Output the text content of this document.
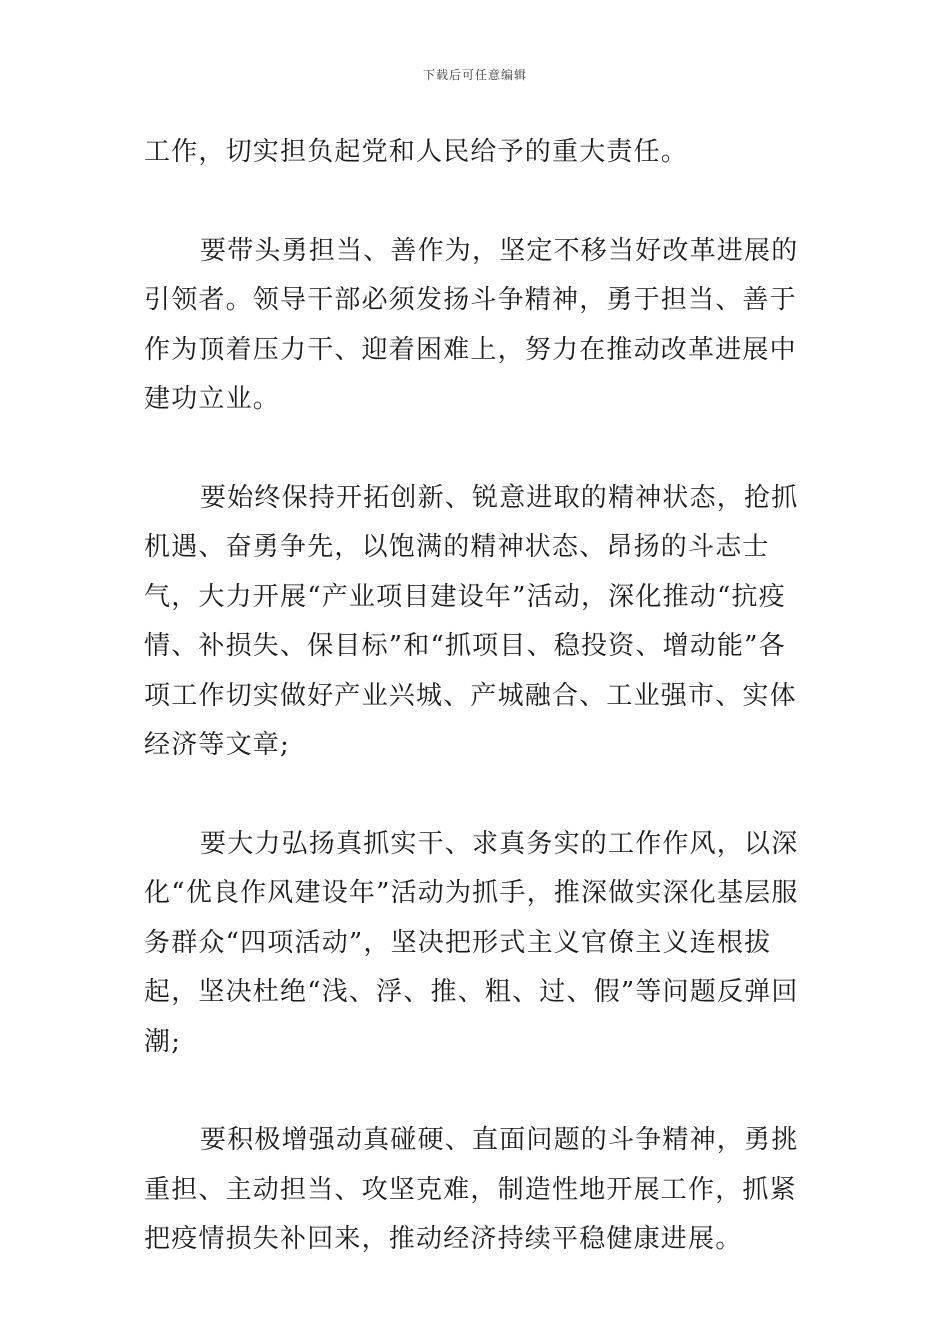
下载后可任意编辑

工作，切实担负起党和人民给予的重大责任。

要带头勇担当、善作为，坚定不移当好改革进展的引领者。领导干部必须发扬斗争精神，勇于担当、善于作为顶着压力干、迎着困难上，努力在推动改革进展中建功立业。

要始终保持开拓创新、锐意进取的精神状态，抢抓机遇、奋勇争先，以饱满的精神状态、昂扬的斗志士气，大力开展“产业项目建设年”活动，深化推动“抗疫情、补损失、保目标”和“抓项目、稳投资、增动能”各项工作切实做好产业兴城、产城融合、工业强市、实体经济等文章;

要大力弘扬真抓实干、求真务实的工作作风，以深化“优良作风建设年”活动为抓手，推深做实深化基层服务群众“四项活动”，坚决把形式主义官僚主义连根拔起，坚决杜绝“浅、浮、推、粗、过、假”等问题反弹回潮;

要积极增强动真碰硬、直面问题的斗争精神，勇挑重担、主动担当、攻坚克难，制造性地开展工作，抓紧把疫情损失补回来，推动经济持续平稳健康进展。
